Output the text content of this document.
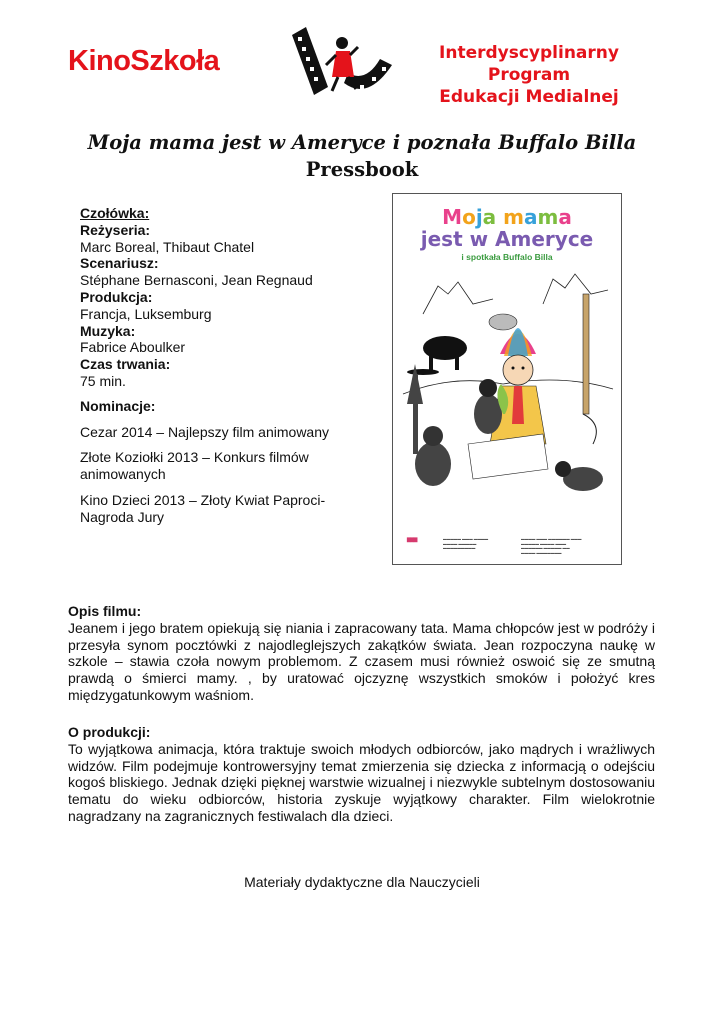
KinoSzkoła	Interdyscyplinarny Program
Edukacji Medialnej
Moja mama jest w Ameryce i poznała Buffalo Billa
Pressbook
Czołówka:
Reżyseria:
Marc Boreal, Thibaut Chatel
Scenariusz:
Stéphane Bernasconi, Jean Regnaud
Produkcja:
Francja, Luksemburg
Muzyka:
Fabrice Aboulker
Czas trwania:
75 min.
Nominacje:
Cezar 2014 – Najlepszy film animowany
Złote Koziołki 2013 – Konkurs filmów animowanych
Kino Dzieci 2013 – Złoty Kwiat Paproci- Nagroda Jury
Moja mama
jest w Ameryce
i spotkała Buffalo Billa
▇▇▇	▬▬▬▬▬ ▬▬▬ ▬▬▬▬
▬▬▬▬ ▬▬▬▬▬
▬▬▬▬▬▬▬▬▬
▬▬▬▬ ▬▬▬ ▬▬▬▬▬▬ ▬▬▬
▬▬▬▬▬ ▬▬▬▬ ▬▬▬
▬▬▬▬▬▬ ▬▬▬▬▬ ▬▬
▬▬▬▬ ▬▬▬▬▬▬▬
Opis filmu:
Jeanem i jego bratem opiekują się niania i zapracowany tata. Mama chłopców jest w podróży i przesyła synom pocztówki z najodleglejszych zakątków świata. Jean rozpoczyna naukę w szkole – stawia czoła nowym problemom. Z czasem musi również oswoić się ze smutną prawdą o śmierci mamy. , by uratować ojczyznę wszystkich smoków i położyć kres międzygatunkowym waśniom.
O produkcji:
To wyjątkowa animacja, która traktuje swoich młodych odbiorców, jako mądrych i wrażliwych widzów. Film podejmuje kontrowersyjny temat zmierzenia się dziecka z informacją o odejściu kogoś bliskiego. Jednak dzięki pięknej warstwie wizualnej i niezwykle subtelnym dostosowaniu tematu do wieku odbiorców, historia zyskuje wyjątkowy charakter. Film wielokrotnie nagradzany na zagranicznych festiwalach dla dzieci.
Materiały dydaktyczne dla Nauczycieli
